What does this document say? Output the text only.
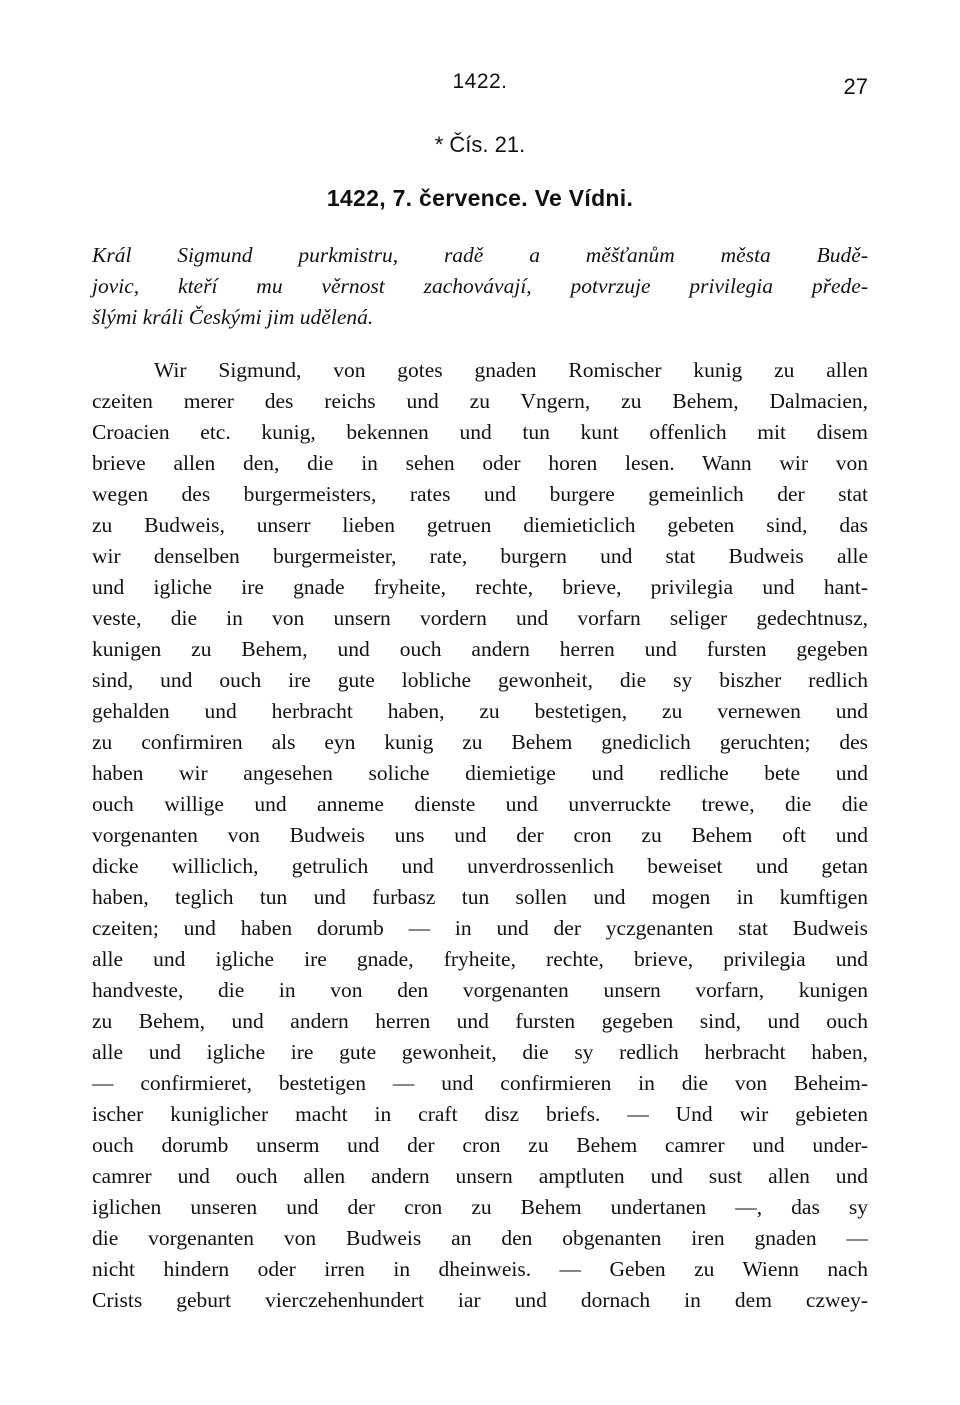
1422.	27
* Čís. 21.
1422, 7. července. Ve Vídni.
Král Sigmund purkmistru, radě a měšťanům města Budě-
jovic, kteří mu věrnost zachovávají, potvrzuje privilegia přede-
šlými králi Českými jim udělená.
Wir Sigmund, von gotes gnaden Romischer kunig zu allen
czeiten merer des reichs und zu Vngern, zu Behem, Dalmacien,
Croacien etc. kunig, bekennen und tun kunt offenlich mit disem
brieve allen den, die in sehen oder horen lesen. Wann wir von
wegen des burgermeisters, rates und burgere gemeinlich der stat
zu Budweis, unserr lieben getruen diemieticlich gebeten sind, das
wir denselben burgermeister, rate, burgern und stat Budweis alle
und igliche ire gnade fryheite, rechte, brieve, privilegia und hant-
veste, die in von unsern vordern und vorfarn seliger gedechtnusz,
kunigen zu Behem, und ouch andern herren und fursten gegeben
sind, und ouch ire gute lobliche gewonheit, die sy biszher redlich
gehalden und herbracht haben, zu bestetigen, zu vernewen und
zu confirmiren als eyn kunig zu Behem gnediclich geruchten; des
haben wir angesehen soliche diemietige und redliche bete und
ouch willige und anneme dienste und unverruckte trewe, die die
vorgenanten von Budweis uns und der cron zu Behem oft und
dicke williclich, getrulich und unverdrossenlich beweiset und getan
haben, teglich tun und furbasz tun sollen und mogen in kumftigen
czeiten; und haben dorumb — in und der yczgenanten stat Budweis
alle und igliche ire gnade, fryheite, rechte, brieve, privilegia und
handveste, die in von den vorgenanten unsern vorfarn, kunigen
zu Behem, und andern herren und fursten gegeben sind, und ouch
alle und igliche ire gute gewonheit, die sy redlich herbracht haben,
— confirmieret, bestetigen — und confirmieren in die von Beheim-
ischer kuniglicher macht in craft disz briefs. — Und wir gebieten
ouch dorumb unserm und der cron zu Behem camrer und under-
camrer und ouch allen andern unsern amptluten und sust allen und
iglichen unseren und der cron zu Behem undertanen —, das sy
die vorgenanten von Budweis an den obgenanten iren gnaden —
nicht hindern oder irren in dheinweis. — Geben zu Wienn nach
Crists geburt vierczehenhundert iar und dornach in dem czwey-
